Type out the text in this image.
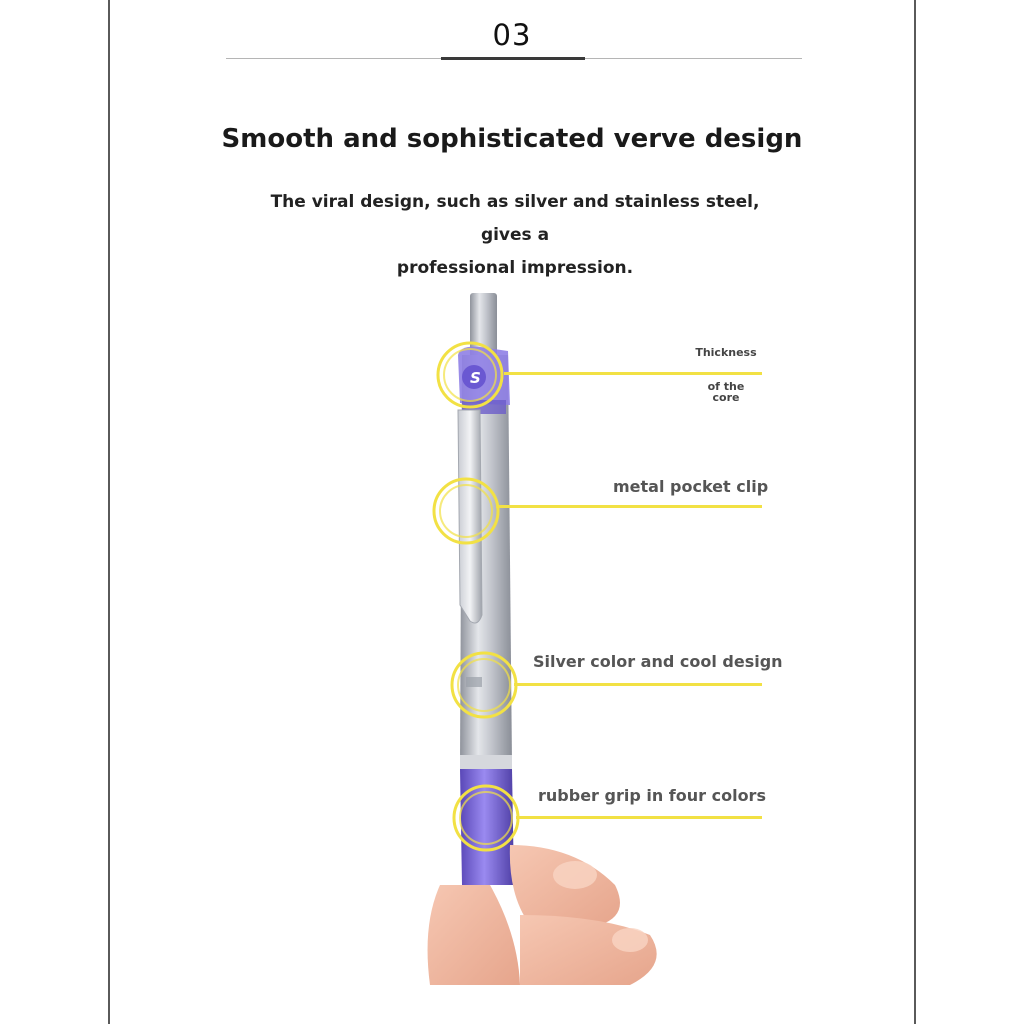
03
Smooth and sophisticated verve design
The viral design, such as silver and stainless steel, gives a
professional impression.
S
Thickness
of the
core
metal pocket clip
Silver color and cool design
rubber grip in four colors
